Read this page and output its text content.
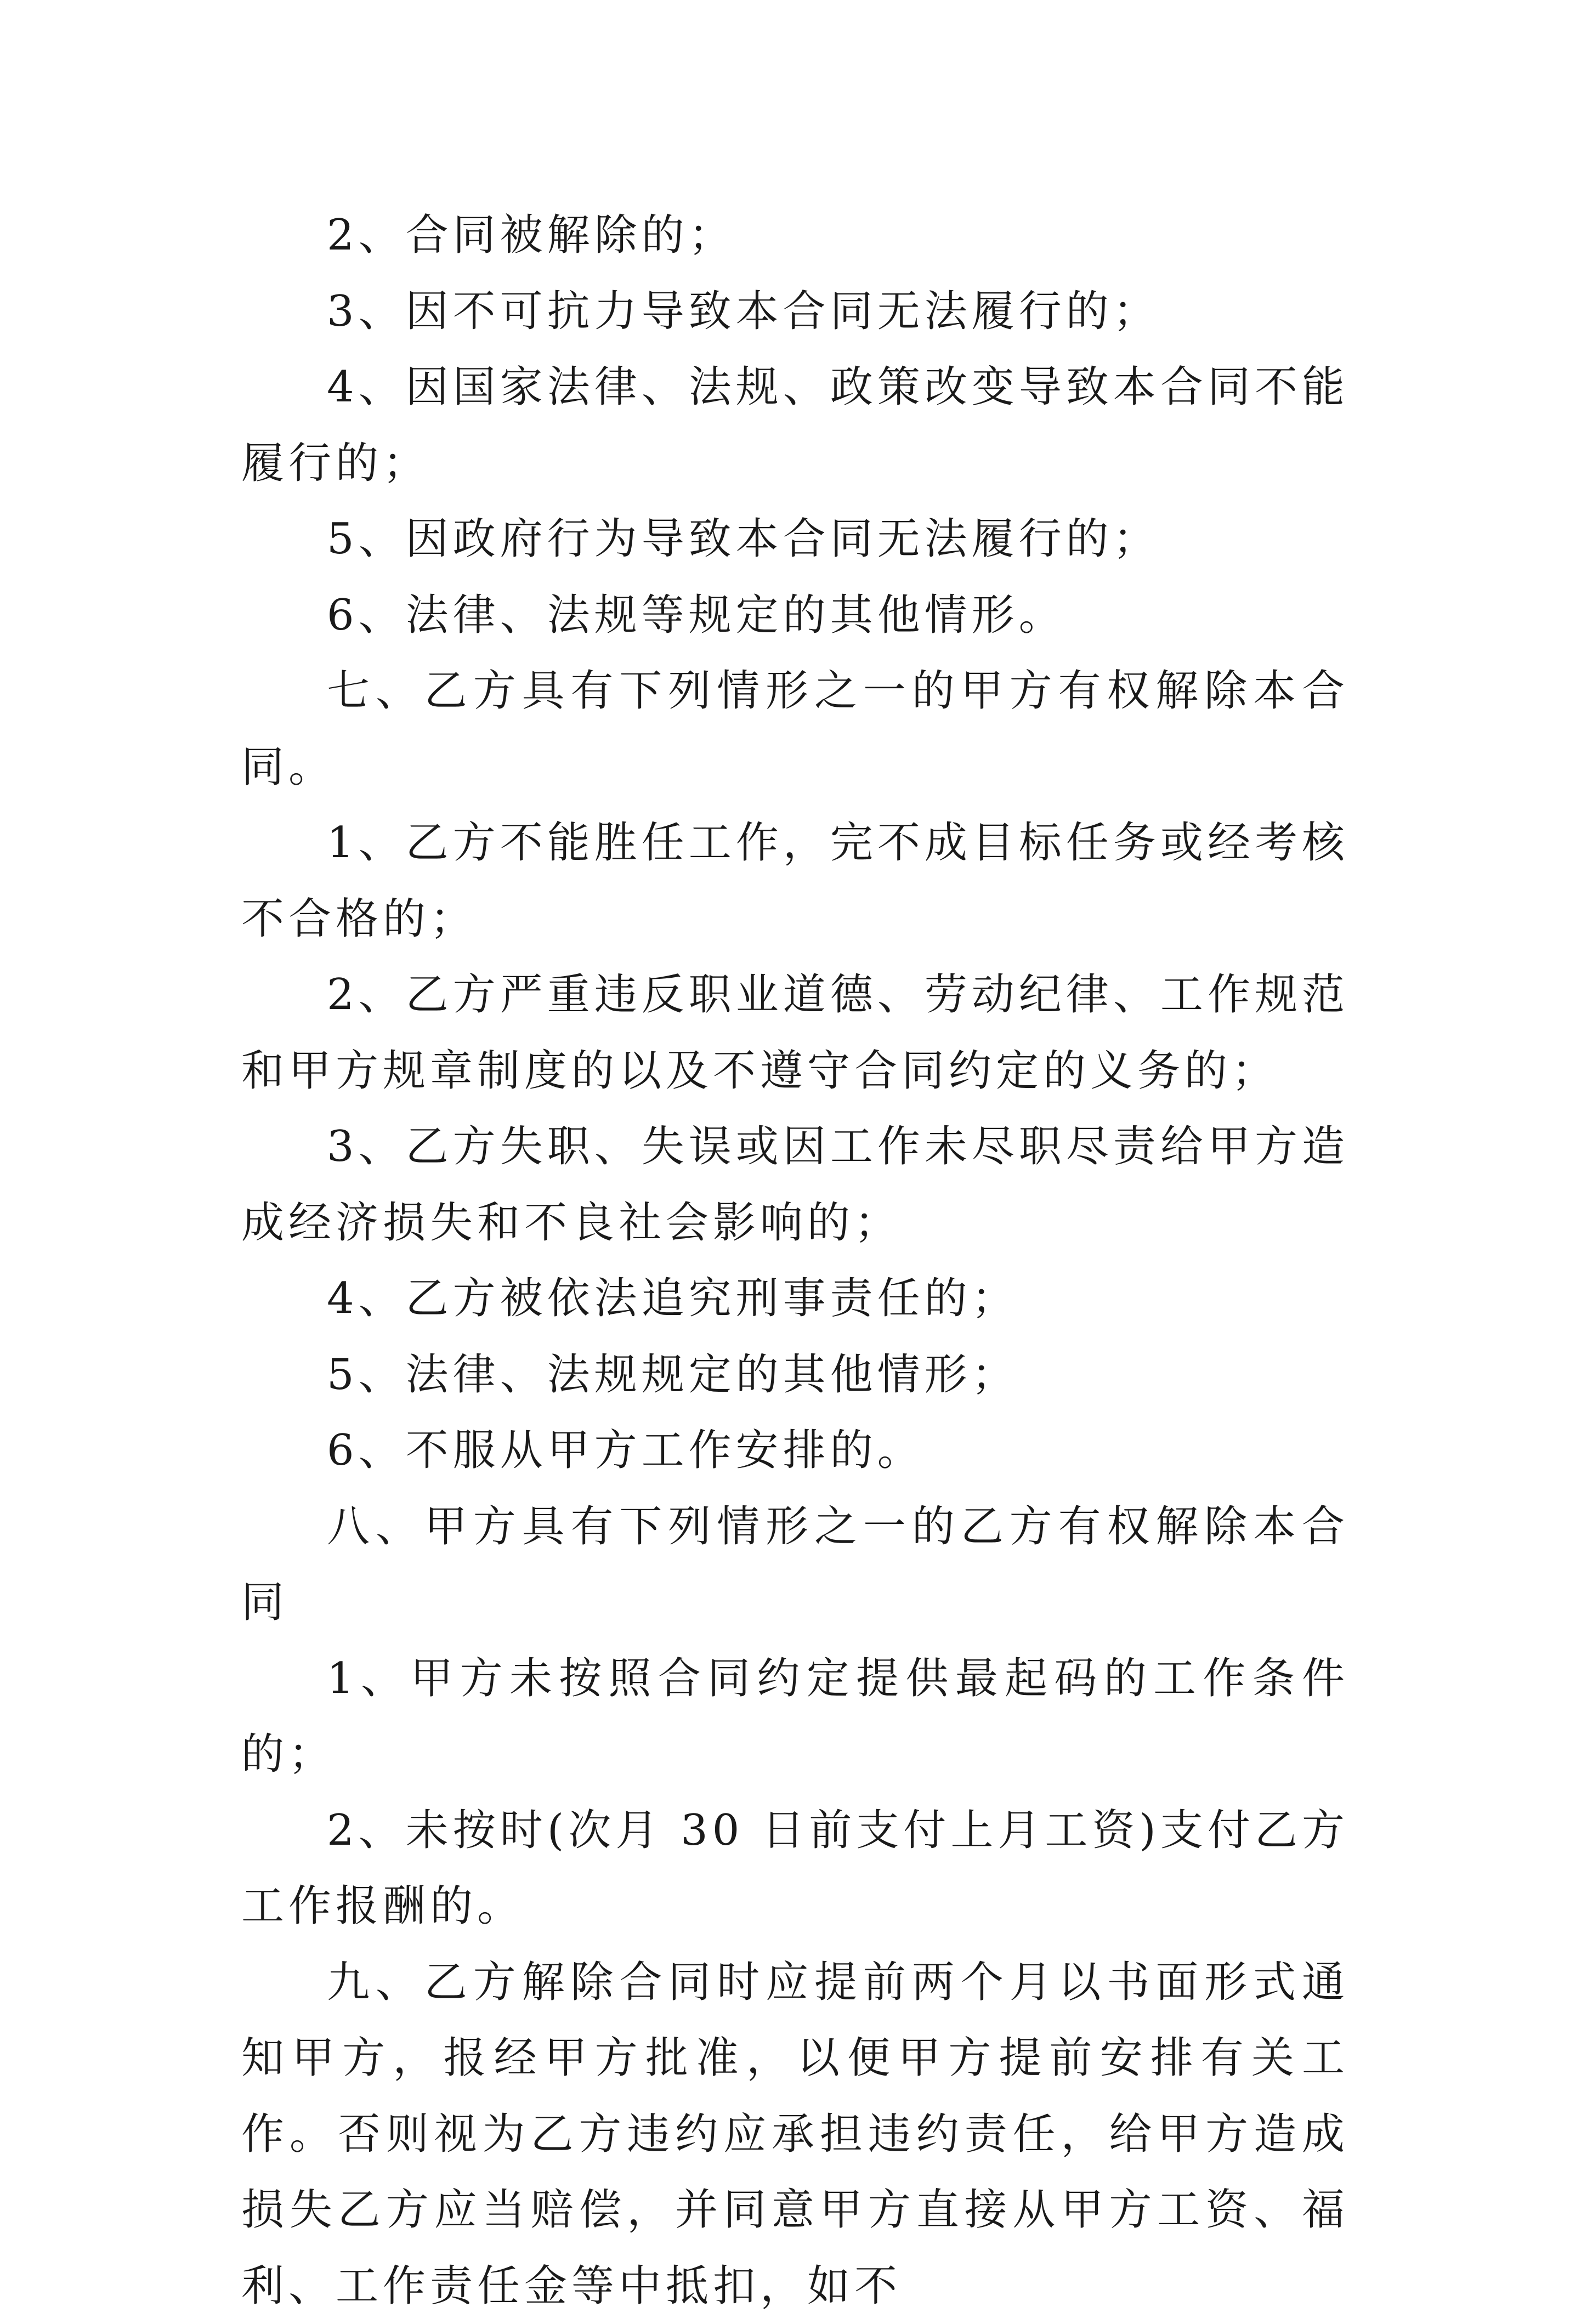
2、合同被解除的；

3、因不可抗力导致本合同无法履行的；

4、因国家法律、法规、政策改变导致本合同不能履行的；

5、因政府行为导致本合同无法履行的；

6、法律、法规等规定的其他情形。

七、乙方具有下列情形之一的甲方有权解除本合同。

1、乙方不能胜任工作，完不成目标任务或经考核不合格的；

2、乙方严重违反职业道德、劳动纪律、工作规范和甲方规章制度的以及不遵守合同约定的义务的；

3、乙方失职、失误或因工作未尽职尽责给甲方造成经济损失和不良社会影响的；

4、乙方被依法追究刑事责任的；

5、法律、法规规定的其他情形；

6、不服从甲方工作安排的。

八、甲方具有下列情形之一的乙方有权解除本合同

1、甲方未按照合同约定提供最起码的工作条件的；

2、未按时(次月 30 日前支付上月工资)支付乙方工作报酬的。

九、乙方解除合同时应提前两个月以书面形式通知甲方，报经甲方批准，以便甲方提前安排有关工作。否则视为乙方违约应承担违约责任，给甲方造成损失乙方应当赔偿，并同意甲方直接从甲方工资、福利、工作责任金等中抵扣，如不
